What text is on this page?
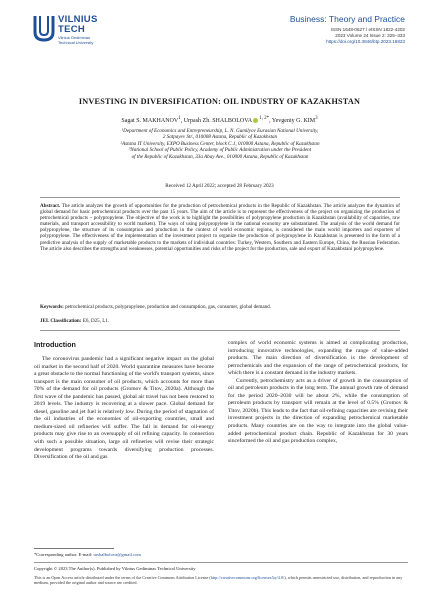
VILNIUS
TECH
Vilnius Gediminas
Technical University
Business: Theory and Practice
ISSN 1648-0627 / eISSN 1822-4202
2023 Volume 24 Issue 2: 325–333
https://doi.org/10.3846/btp.2023.16823
INVESTING IN DIVERSIFICATION: OIL INDUSTRY OF KAZAKHSTAN
Sagat S. MAKHANOV$^1$, Urpash Zh. SHALBOLOVA $^{1, 2*}$, Yevgeniy G. KIM$^3$
¹Department of Economics and Entrepreneurship, L. N. Gumilyov Eurasian National University,
2 Satpayev Str., 010008 Astana, Republic of Kazakhstan
²Astana IT University, EXPO Business Center, block C.1, 010000 Astana, Republic of Kazakhstan
³National School of Public Policy, Academy of Public Administration under the President
of the Republic of Kazakhstan, 33a Abay Ave., 010000 Astana, Republic of Kazakhstan
Received 12 April 2022; accepted 28 February 2023
Abstract. The article analyzes the growth of opportunities for the production of petrochemical products in the Republic of Kazakhstan. The article analyzes the dynamics of global demand for basic petrochemical products over the past 15 years. The aim of the article is to represent the effectiveness of the project on organizing the production of petrochemical products – polypropylene. The objective of the work is to highlight the possibilities of polypropylene production in Kazakhstan (availability of capacities, raw materials, and transport accessibility to world markets). The ways of using polypropylene in the national economy are substantiated. The analysis of the world demand for polypropylene, the structure of its consumption and production in the context of world economic regions, is considered the main world importers and exporters of polypropylene. The effectiveness of the implementation of the investment project to organize the production of polypropylene in Kazakhstan is presented in the form of a predictive analysis of the supply of marketable products to the markets of individual countries: Turkey, Western, Southern and Eastern Europe, China, the Russian Federation. The article also describes the strengths and weaknesses, potential opportunities and risks of the project for the production, sale and export of Kazakhstani polypropylene.
Keywords: petrochemical products, polypropylene, production and consumption, gas, consumer, global demand.
JEL Classification: E6, D25, L1.
Introduction
The coronovirus pandemic had a significant negative impact on the global oil market in the second half of 2020. World quarantine measures have become a great obstacle to the normal functioning of the world's transport systems, since transport is the main consumer of oil products, which accounts for more than 70% of the demand for oil products (Gromov & Titov, 2020a). Although the first wave of the pandemic has passed, global air travel has not been restored to 2019 levels. The industry is recovering at a slower pace. Global demand for diesel, gasoline and jet fuel is relatively low. During the period of stagnation of the oil industries of the economies of oil-exporting countries, small and medium-sized oil refineries will suffer. The fall in demand for oil-energy products may give rise to an oversupply of oil refining capacity. In connection with such a possible situation, large oil refineries will revise their strategic development programs towards diversifying production processes. Diversification of the oil and gas

complex of world economic systems is aimed at complicating production, introducing innovative technologies, expanding the range of value-added products. The main direction of diversification is the development of petrochemicals and the expansion of the range of petrochemical products, for which there is a constant demand in the industry markets.

Currently, petrochemistry acts as a driver of growth in the consumption of oil and petroleum products in the long term. The annual growth rate of demand for the period 2020–2030 will be about 2%, while the consumption of petroleum products by transport will remain at the level of 0.5% (Gromov & Titov, 2020b). This leads to the fact that oil-refining capacities are revising their investment projects in the direction of expanding petrochemical marketable products. Many countries are on the way to integrate into the global value-added petrochemical product chain. Republic of Kazakhstan for 30 years sinceformed the oil and gas production complex,

*Corresponding author. E-mail: urshalbolova@gmail.com
Copyright © 2023 The Author(s). Published by Vilnius Gediminas Technical University
This is an Open Access article distributed under the terms of the Creative Commons Attribution License (http://creativecommons.org/licenses/by/4.0/), which permits unrestricted use, distribution, and reproduction in any medium, provided the original author and source are credited.
